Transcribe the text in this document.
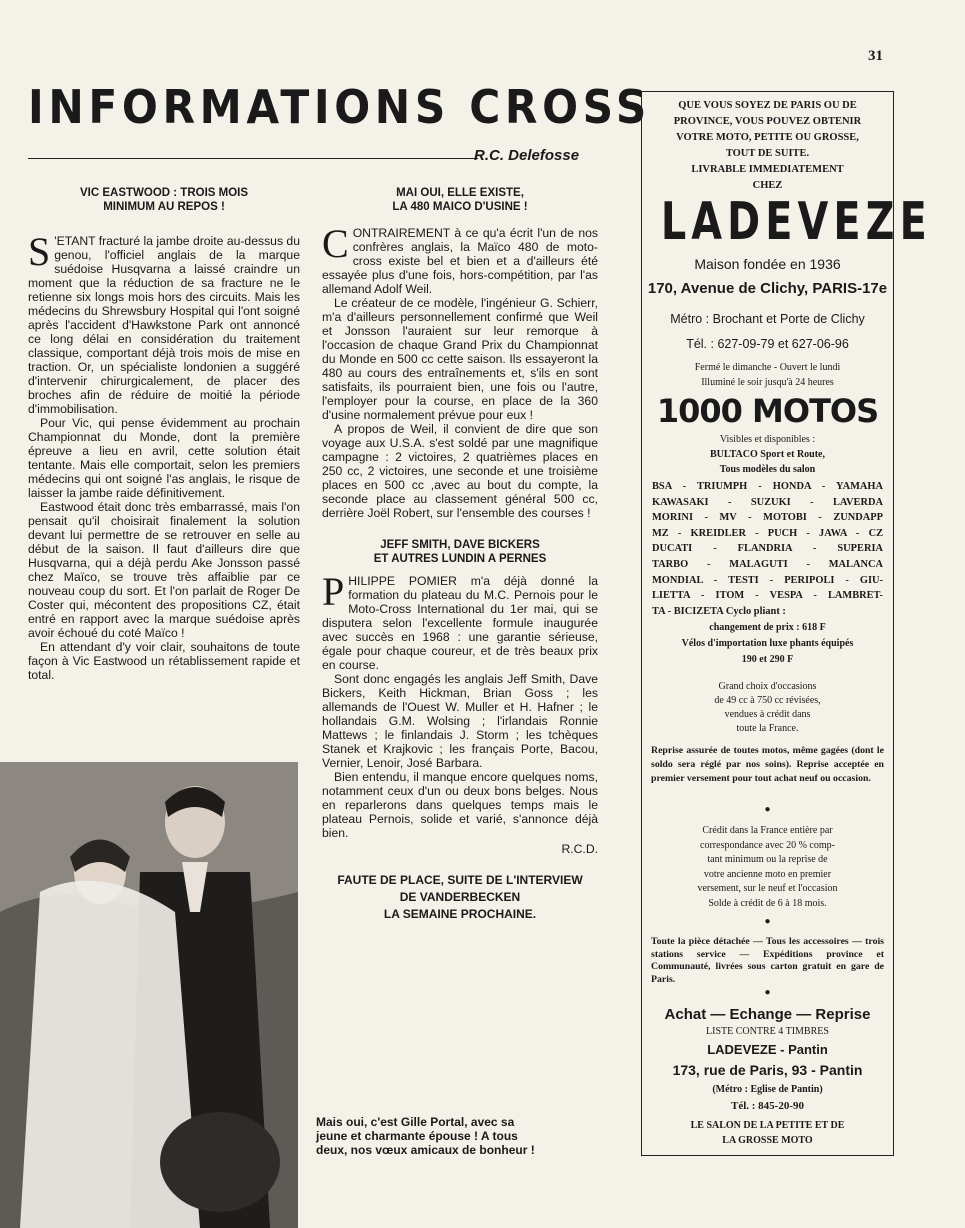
31
INFORMATIONS CROSS
R.C. Delefosse
VIC EASTWOOD : TROIS MOIS
MINIMUM AU REPOS !

S 'ETANT fracturé la jambe droite au-dessus du genou, l'officiel anglais de la marque suédoise Husqvarna a laissé craindre un moment que la réduction de sa fracture ne le retienne six longs mois hors des circuits. Mais les médecins du Shrewsbury Hospital qui l'ont soigné après l'accident d'Hawkstone Park ont annoncé ce long délai en considération du traitement classique, comportant déjà trois mois de mise en traction. Or, un spécialiste londonien a suggéré d'intervenir chirurgicalement, de placer des broches afin de réduire de moitié la période d'immobilisation.

Pour Vic, qui pense évidemment au prochain Championnat du Monde, dont la première épreuve a lieu en avril, cette solution était tentante. Mais elle comportait, selon les premiers médecins qui ont soigné l'as anglais, le risque de laisser la jambe raide définitivement.

Eastwood était donc très embarrassé, mais l'on pensait qu'il choisirait finalement la solution devant lui permettre de se retrouver en selle au début de la saison. Il faut d'ailleurs dire que Husqvarna, qui a déjà perdu Ake Jonsson passé chez Maïco, se trouve très affaiblie par ce nouveau coup du sort. Et l'on parlait de Roger De Coster qui, mécontent des propositions CZ, était entré en rapport avec la marque suédoise après avoir échoué du coté Maïco !

En attendant d'y voir clair, souhaitons de toute façon à Vic Eastwood un rétablissement rapide et total.

MAI OUI, ELLE EXISTE,
LA 480 MAICO D'USINE !

CONTRAIREMENT à ce qu'a écrit l'un de nos confrères anglais, la Maïco 480 de moto-cross existe bel et bien et a d'ailleurs été essayée plus d'une fois, hors-compétition, par l'as allemand Adolf Weil.

Le créateur de ce modèle, l'ingénieur G. Schierr, m'a d'ailleurs personnellement confirmé que Weil et Jonsson l'auraient sur leur remorque à l'occasion de chaque Grand Prix du Championnat du Monde en 500 cc cette saison. Ils essayeront la 480 au cours des entraînements et, s'ils en sont satisfaits, ils pourraient bien, une fois ou l'autre, l'employer pour la course, en place de la 360 d'usine normalement prévue pour eux !

A propos de Weil, il convient de dire que son voyage aux U.S.A. s'est soldé par une magnifique campagne : 2 victoires, 2 quatrièmes places en 250 cc, 2 victoires, une seconde et une troisième places en 500 cc ,avec au bout du compte, la seconde place au classement général 500 cc, derrière Joël Robert, sur l'ensemble des courses !

JEFF SMITH, DAVE BICKERS
ET AUTRES LUNDIN A PERNES

PHILIPPE POMIER m'a déjà donné la formation du plateau du M.C. Pernois pour le Moto-Cross International du 1er mai, qui se disputera selon l'excellente formule inaugurée avec succès en 1968 : une garantie sérieuse, égale pour chaque coureur, et de très beaux prix en course.

Sont donc engagés les anglais Jeff Smith, Dave Bickers, Keith Hickman, Brian Goss ; les allemands de l'Ouest W. Muller et H. Hafner ; le hollandais G.M. Wolsing ; l'irlandais Ronnie Mattews ; le finlandais J. Storm ; les tchèques Stanek et Krajkovic ; les français Porte, Bacou, Vernier, Lenoir, José Barbara.

Bien entendu, il manque encore quelques noms, notamment ceux d'un ou deux bons belges. Nous en reparlerons dans quelques temps mais le plateau Pernois, solide et varié, s'annonce déjà bien.

R.C.D.
FAUTE DE PLACE, SUITE DE L'INTERVIEW
DE VANDERBECKEN
LA SEMAINE PROCHAINE.
Mais oui, c'est Gille Portal, avec sa jeune et charmante épouse ! A tous deux, nos vœux amicaux de bonheur !
QUE VOUS SOYEZ DE PARIS OU DE
PROVINCE, VOUS POUVEZ OBTENIR
VOTRE MOTO, PETITE OU GROSSE,
TOUT DE SUITE.
LIVRABLE IMMEDIATEMENT
CHEZ
LADEVEZE
Maison fondée en 1936
170, Avenue de Clichy, PARIS-17e
Métro : Brochant et Porte de Clichy
Tél. : 627-09-79 et 627-06-96
Fermé le dimanche - Ouvert le lundi
Illuminé le soir jusqu'à 24 heures
1000 MOTOS
Visibles et disponibles :
BULTACO Sport et Route,
Tous modèles du salon
BSA - TRIUMPH - HONDA - YAMAHA
KAWASAKI - SUZUKI - LAVERDA
MORINI - MV - MOTOBI - ZUNDAPP
MZ - KREIDLER - PUCH - JAWA - CZ
DUCATI - FLANDRIA - SUPERIA
TARBO - MALAGUTI - MALANCA
MONDIAL - TESTI - PERIPOLI - GIU-
LIETTA - ITOM - VESPA - LAMBRET-
TA - BICIZETA Cyclo pliant :
changement de prix : 618 F
Vélos d'importation luxe phants équipés
190 et 290 F
Grand choix d'occasions
de 49 cc à 750 cc révisées,
vendues à crédit dans
toute la France.
Reprise assurée de toutes motos, même gagées (dont le soldo sera réglé par nos soins). Reprise acceptée en premier versement pour tout achat neuf ou occasion.
●
Crédit dans la France entière par
correspondance avec 20 % comp-
tant minimum ou la reprise de
votre ancienne moto en premier
versement, sur le neuf et l'occasion
Solde à crédit de 6 à 18 mois.
●
Toute la pièce détachée — Tous les accessoires — trois stations service — Expéditions province et Communauté, livrées sous carton gratuit en gare de Paris.
●
Achat — Echange — Reprise
LISTE CONTRE 4 TIMBRES
LADEVEZE - Pantin
173, rue de Paris, 93 - Pantin
(Métro : Eglise de Pantin)
Tél. : 845-20-90
LE SALON DE LA PETITE ET DE
LA GROSSE MOTO
